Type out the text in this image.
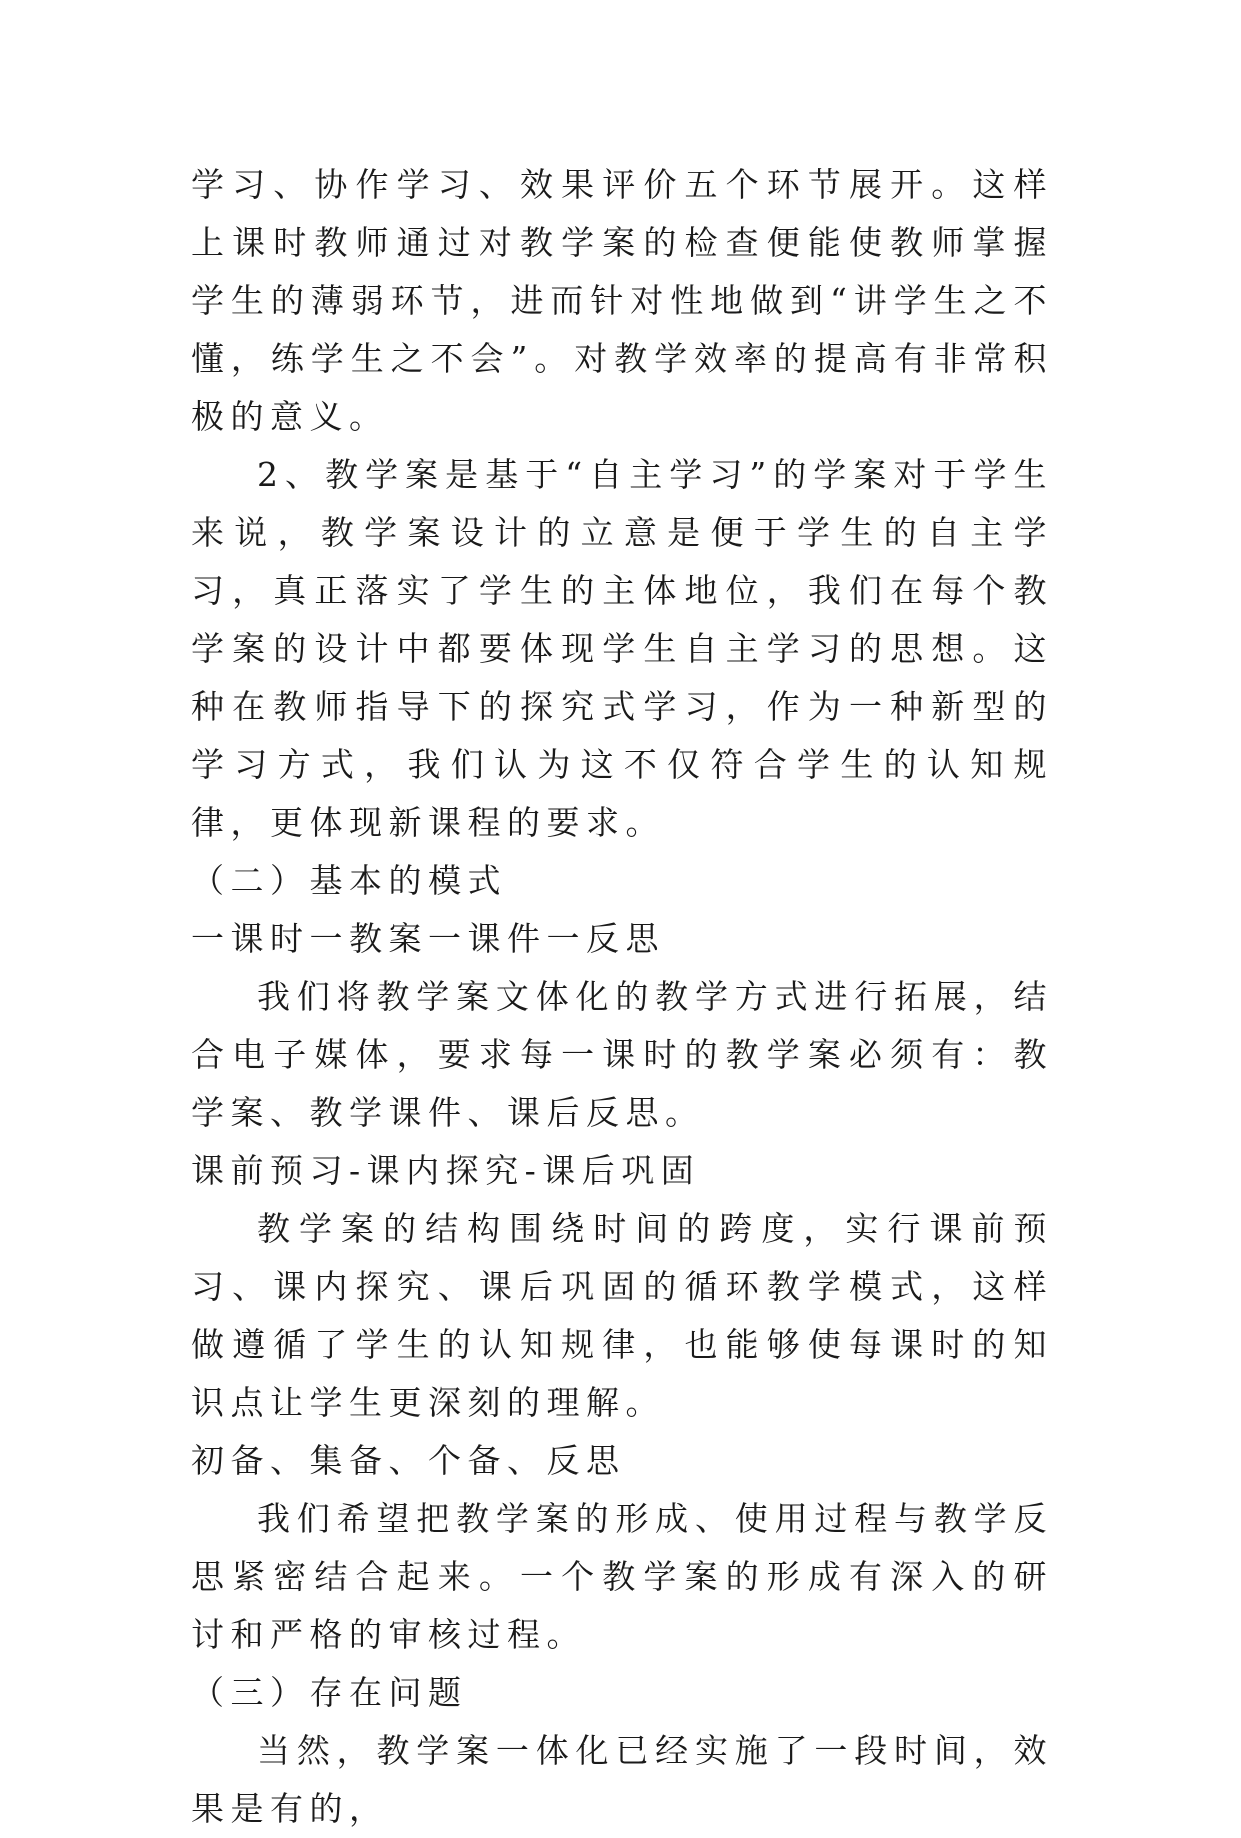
学习、协作学习、效果评价五个环节展开。这样上课时教师通过对教学案的检查便能使教师掌握学生的薄弱环节，进而针对性地做到“讲学生之不懂，练学生之不会”。对教学效率的提高有非常积极的意义。

2、教学案是基于“自主学习”的学案对于学生来说，教学案设计的立意是便于学生的自主学习，真正落实了学生的主体地位，我们在每个教学案的设计中都要体现学生自主学习的思想。这种在教师指导下的探究式学习，作为一种新型的学习方式，我们认为这不仅符合学生的认知规律，更体现新课程的要求。

（二）基本的模式

一课时一教案一课件一反思

我们将教学案文体化的教学方式进行拓展，结合电子媒体，要求每一课时的教学案必须有：教学案、教学课件、课后反思。

课前预习-课内探究-课后巩固

教学案的结构围绕时间的跨度，实行课前预习、课内探究、课后巩固的循环教学模式，这样做遵循了学生的认知规律，也能够使每课时的知识点让学生更深刻的理解。

初备、集备、个备、反思

我们希望把教学案的形成、使用过程与教学反思紧密结合起来。一个教学案的形成有深入的研讨和严格的审核过程。

（三）存在问题

当然，教学案一体化已经实施了一段时间，效果是有的，
